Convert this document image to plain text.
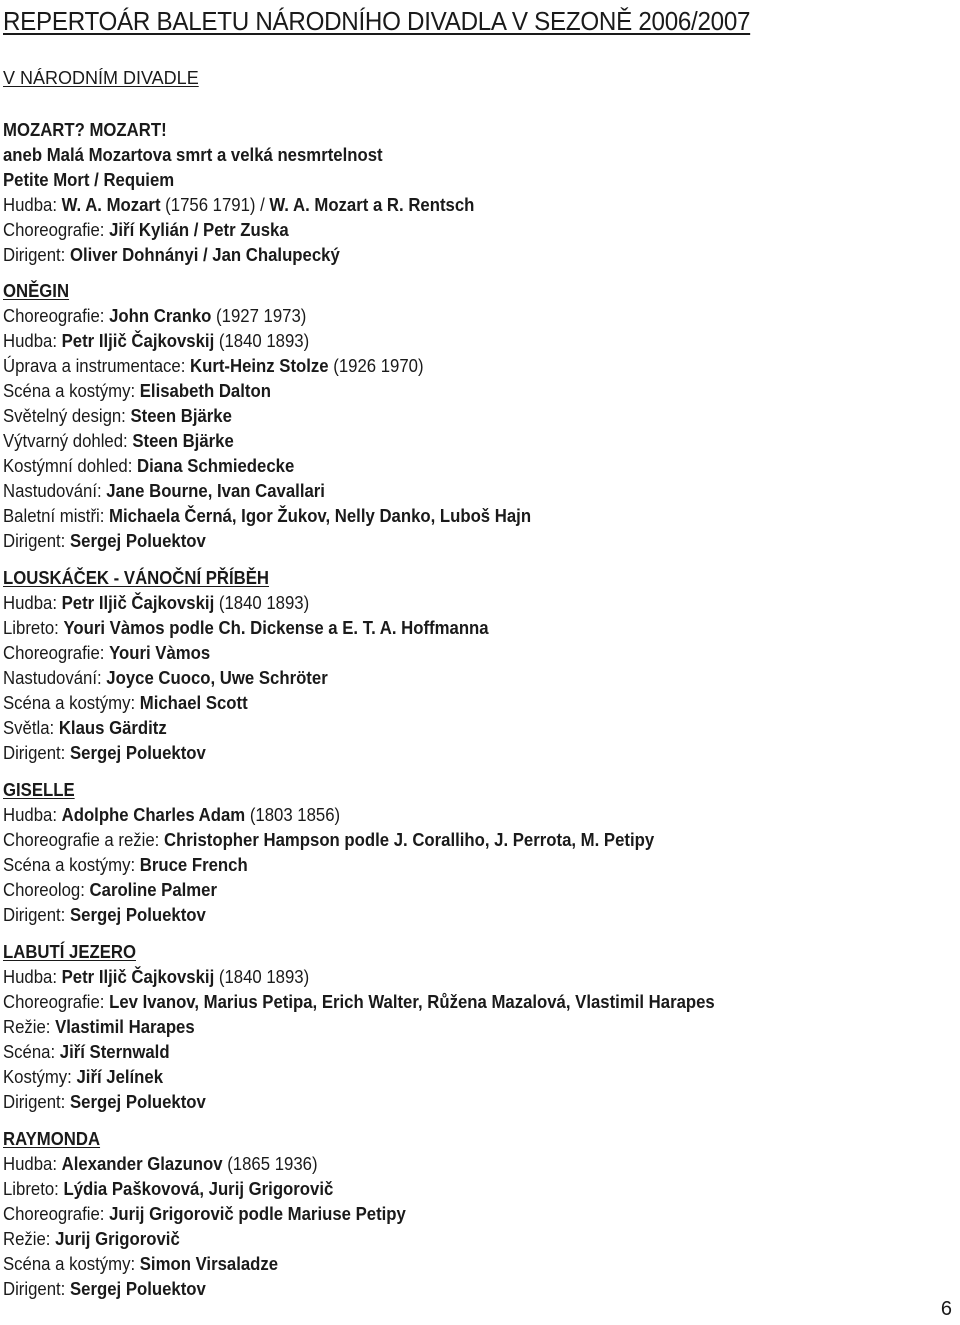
REPERTOÁR BALETU NÁRODNÍHO DIVADLA V SEZONĚ 2006/2007
V NÁRODNÍM DIVADLE
MOZART? MOZART!
aneb Malá Mozartova smrt a velká nesmrtelnost
Petite Mort / Requiem
Hudba: W. A. Mozart (1756 1791) / W. A. Mozart a R. Rentsch
Choreografie: Jiří Kylián / Petr Zuska
Dirigent: Oliver Dohnányi / Jan Chalupecký
ONĚGIN
Choreografie: John Cranko (1927 1973)
Hudba: Petr Iljič Čajkovskij (1840 1893)
Úprava a instrumentace: Kurt-Heinz Stolze (1926 1970)
Scéna a kostýmy: Elisabeth Dalton
Světelný design: Steen Bjärke
Výtvarný dohled: Steen Bjärke
Kostýmní dohled: Diana Schmiedecke
Nastudování: Jane Bourne, Ivan Cavallari
Baletní mistři: Michaela Černá, Igor Žukov, Nelly Danko, Luboš Hajn
Dirigent: Sergej Poluektov
LOUSKÁČEK - VÁNOČNÍ PŘÍBĚH
Hudba: Petr Iljič Čajkovskij (1840 1893)
Libreto: Youri Vàmos podle Ch. Dickense a E. T. A. Hoffmanna
Choreografie: Youri Vàmos
Nastudování: Joyce Cuoco, Uwe Schröter
Scéna a kostýmy: Michael Scott
Světla: Klaus Gärditz
Dirigent: Sergej Poluektov
GISELLE
Hudba: Adolphe Charles Adam (1803 1856)
Choreografie a režie: Christopher Hampson podle J. Coralliho, J. Perrota, M. Petipy
Scéna a kostýmy: Bruce French
Choreolog: Caroline Palmer
Dirigent: Sergej Poluektov
LABUTÍ JEZERO
Hudba: Petr Iljič Čajkovskij (1840 1893)
Choreografie: Lev Ivanov, Marius Petipa, Erich Walter, Růžena Mazalová, Vlastimil Harapes
Režie: Vlastimil Harapes
Scéna: Jiří Sternwald
Kostýmy: Jiří Jelínek
Dirigent: Sergej Poluektov
RAYMONDA
Hudba: Alexander Glazunov (1865 1936)
Libreto: Lýdia Paškovová, Jurij Grigorovič
Choreografie: Jurij Grigorovič podle Mariuse Petipy
Režie: Jurij Grigorovič
Scéna a kostýmy: Simon Virsaladze
Dirigent: Sergej Poluektov
6
